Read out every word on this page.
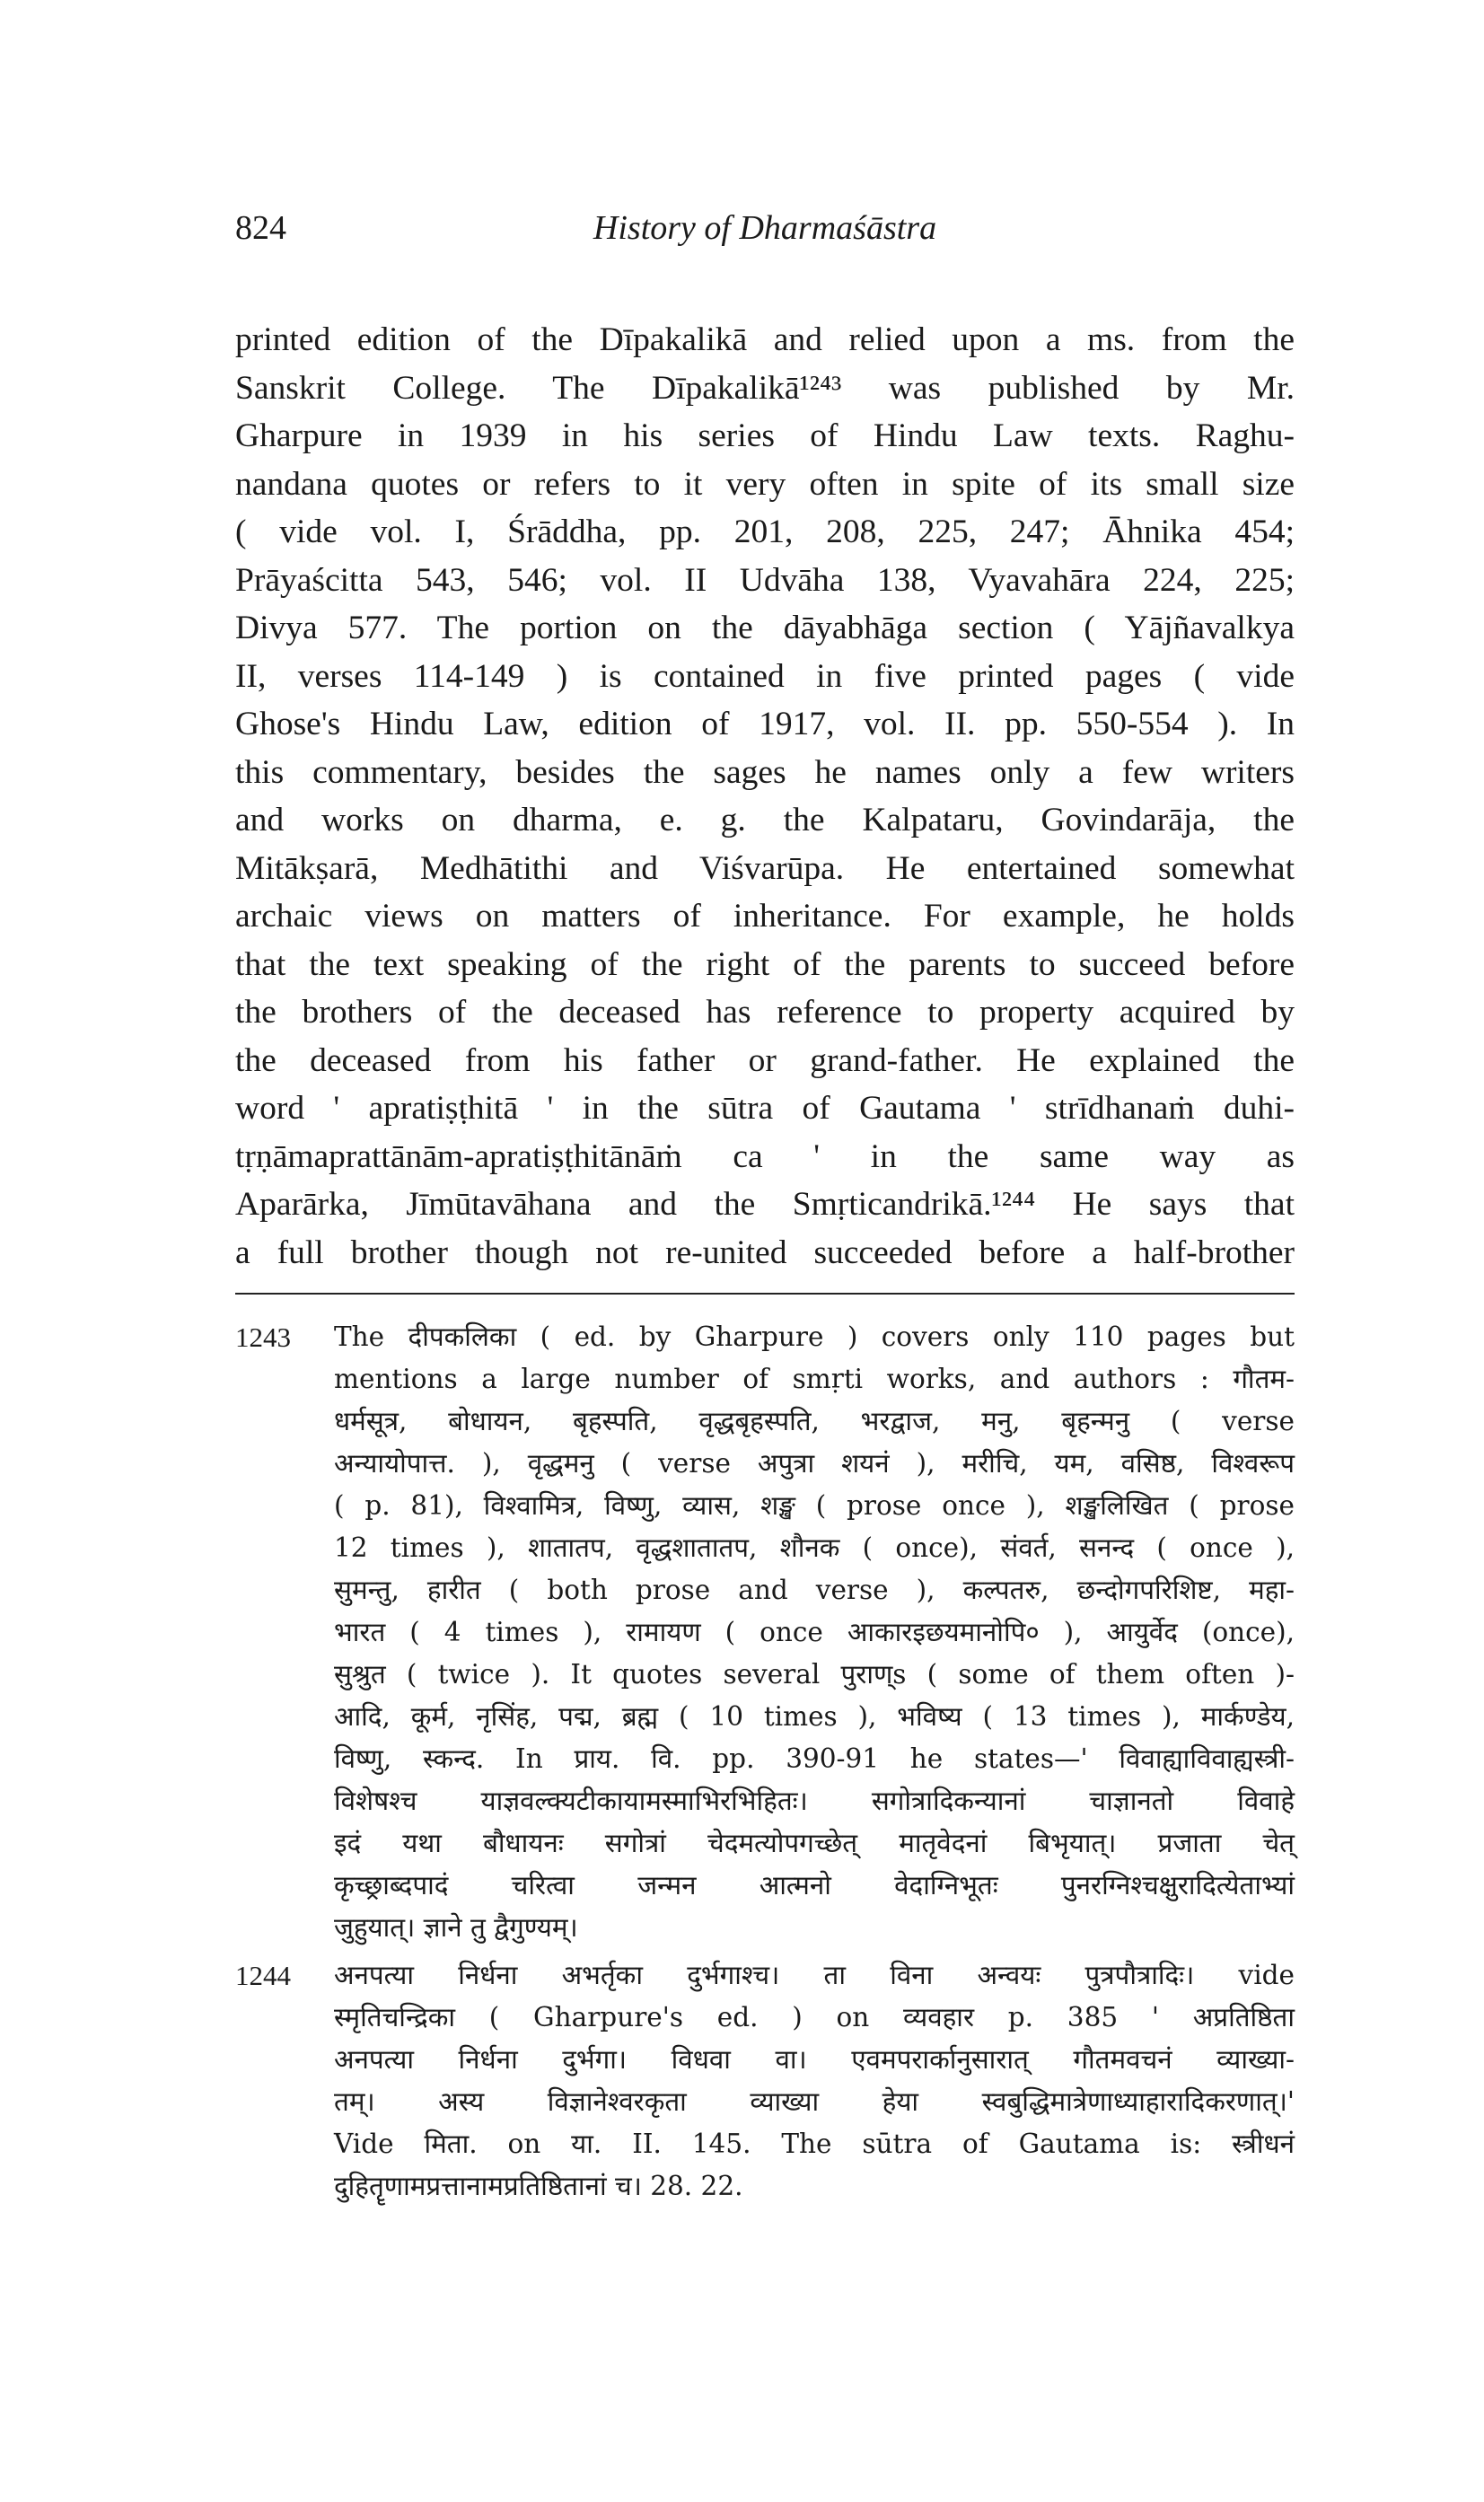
824	History of Dharmaśāstra
printed edition of the Dīpakalikā and relied upon a ms. from the
Sanskrit College. The Dīpakalikā¹²⁴³ was published by Mr.
Gharpure in 1939 in his series of Hindu Law texts. Raghu-
nandana quotes or refers to it very often in spite of its small size
( vide vol. I, Śrāddha, pp. 201, 208, 225, 247; Āhnika 454;
Prāyaścitta 543, 546; vol. II Udvāha 138, Vyavahāra 224, 225;
Divya 577. The portion on the dāyabhāga section ( Yājñavalkya
II, verses 114-149 ) is contained in five printed pages ( vide
Ghose's Hindu Law, edition of 1917, vol. II. pp. 550-554 ). In
this commentary, besides the sages he names only a few writers
and works on dharma, e. g. the Kalpataru, Govindarāja, the
Mitākṣarā, Medhātithi and Viśvarūpa. He entertained somewhat
archaic views on matters of inheritance. For example, he holds
that the text speaking of the right of the parents to succeed before
the brothers of the deceased has reference to property acquired by
the deceased from his father or grand-father. He explained the
word ' apratiṣṭhitā ' in the sūtra of Gautama ' strīdhanaṁ duhi-
tṛṇāmaprattānām-apratiṣṭhitānāṁ ca ' in the same way as
Aparārka, Jīmūtavāhana and the Smṛticandrikā.¹²⁴⁴ He says that
a full brother though not re-united succeeded before a half-brother
1243	The दीपकलिका ( ed. by Gharpure ) covers only 110 pages but
mentions a large number of smṛti works, and authors : गौतम-
धर्मसूत्र, बोधायन, बृहस्पति, वृद्धबृहस्पति, भरद्वाज, मनु, बृहन्मनु ( verse
अन्यायोपात्त. ), वृद्धमनु ( verse अपुत्रा शयनं ), मरीचि, यम, वसिष्ठ, विश्वरूप
( p. 81), विश्वामित्र, विष्णु, व्यास, शङ्ख ( prose once ), शङ्खलिखित ( prose
12 times ), शातातप, वृद्धशातातप, शौनक ( once), संवर्त, सनन्द ( once ),
सुमन्तु, हारीत ( both prose and verse ), कल्पतरु, छन्दोगपरिशिष्ट, महा-
भारत ( 4 times ), रामायण ( once आकारइछयमानोपि० ), आयुर्वेद (once),
सुश्रुत ( twice ). It quotes several पुराण्s ( some of them often )-
आदि, कूर्म, नृसिंह, पद्म, ब्रह्म ( 10 times ), भविष्य ( 13 times ), मार्कण्डेय,
विष्णु, स्कन्द. In प्राय. वि. pp. 390-91 he states—' विवाह्याविवाह्यस्त्री-
विशेषश्च याज्ञवल्क्यटीकायामस्माभिरभिहितः। सगोत्रादिकन्यानां चाज्ञानतो विवाहे
इदं यथा बौधायनः सगोत्रां चेदमत्योपगच्छेत् मातृवेदनां बिभृयात्। प्रजाता चेत्
कृच्छ्राब्दपादं चरित्वा जन्मन आत्मनो वेदाग्निभूतः पुनरग्निश्चक्षुरादित्येताभ्यां
जुहुयात्। ज्ञाने तु द्वैगुण्यम्।
1244	अनपत्या निर्धना अभर्तृका दुर्भगाश्च। ता विना अन्वयः पुत्रपौत्रादिः। vide
स्मृतिचन्द्रिका ( Gharpure's ed. ) on व्यवहार p. 385 ' अप्रतिष्ठिता
अनपत्या निर्धना दुर्भगा। विधवा वा। एवमपरार्कानुसारात् गौतमवचनं व्याख्या-
तम्। अस्य विज्ञानेश्वरकृता व्याख्या हेया स्वबुद्धिमात्रेणाध्याहारादिकरणात्।'
Vide मिता. on या. II. 145. The sūtra of Gautama is: स्त्रीधनं
दुहितॄणामप्रत्तानामप्रतिष्ठितानां च। 28. 22.
